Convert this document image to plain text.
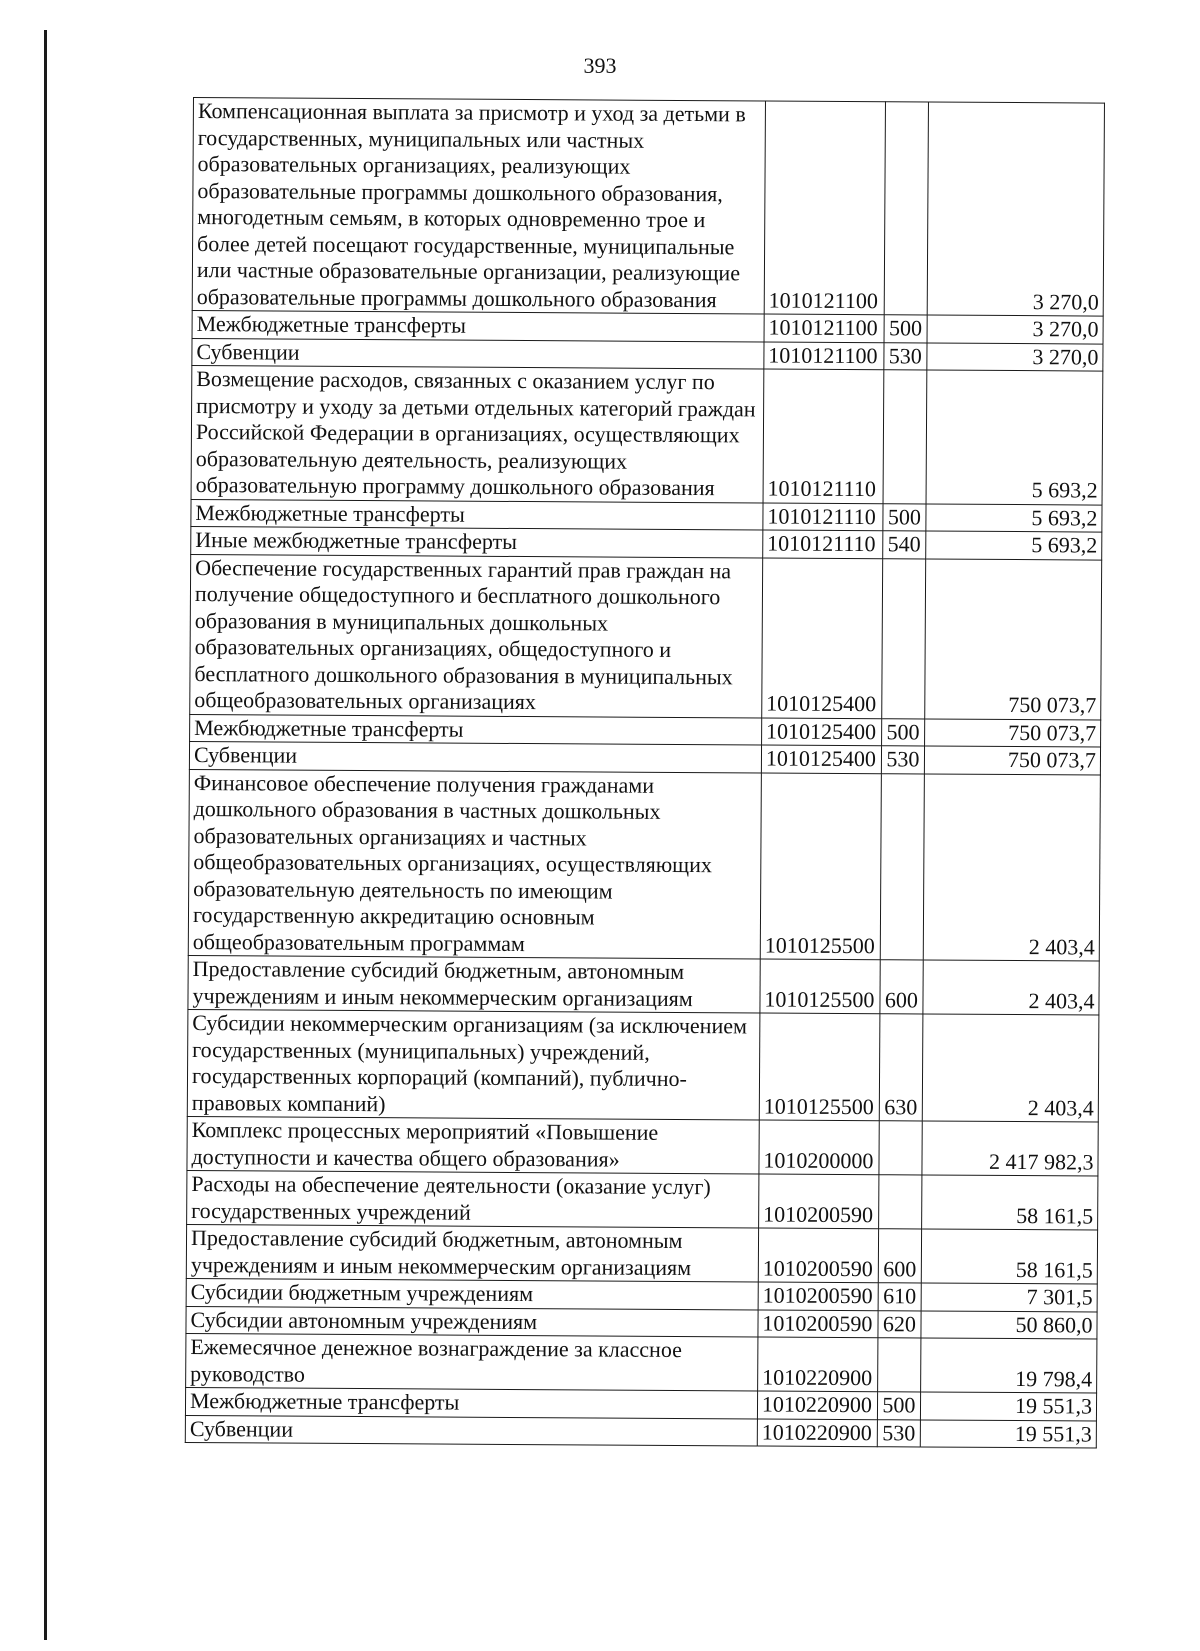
393
Компенсационная выплата за присмотр и уход за детьми в государственных, муниципальных или частных образовательных организациях, реализующих образовательные программы дошкольного образования, многодетным семьям, в которых одновременно трое и более детей посещают государственные, муниципальные или частные образовательные организации, реализующие образовательные программы дошкольного образования	1010121100		3 270,0
Межбюджетные трансферты	1010121100	500	3 270,0
Субвенции	1010121100	530	3 270,0
Возмещение расходов, связанных с оказанием услуг по присмотру и уходу за детьми отдельных категорий граждан Российской Федерации в организациях, осуществляющих образовательную деятельность, реализующих образовательную программу дошкольного образования	1010121110		5 693,2
Межбюджетные трансферты	1010121110	500	5 693,2
Иные межбюджетные трансферты	1010121110	540	5 693,2
Обеспечение государственных гарантий прав граждан на получение общедоступного и бесплатного дошкольного образования в муниципальных дошкольных образовательных организациях, общедоступного и бесплатного дошкольного образования в муниципальных общеобразовательных организациях	1010125400		750 073,7
Межбюджетные трансферты	1010125400	500	750 073,7
Субвенции	1010125400	530	750 073,7
Финансовое обеспечение получения гражданами дошкольного образования в частных дошкольных образовательных организациях и частных общеобразовательных организациях, осуществляющих образовательную деятельность по имеющим государственную аккредитацию основным общеобразовательным программам	1010125500		2 403,4
Предоставление субсидий бюджетным, автономным учреждениям и иным некоммерческим организациям	1010125500	600	2 403,4
Субсидии некоммерческим организациям (за исключением государственных (муниципальных) учреждений, государственных корпораций (компаний), публично-правовых компаний)	1010125500	630	2 403,4
Комплекс процессных мероприятий «Повышение доступности и качества общего образования»	1010200000		2 417 982,3
Расходы на обеспечение деятельности (оказание услуг) государственных учреждений	1010200590		58 161,5
Предоставление субсидий бюджетным, автономным учреждениям и иным некоммерческим организациям	1010200590	600	58 161,5
Субсидии бюджетным учреждениям	1010200590	610	7 301,5
Субсидии автономным учреждениям	1010200590	620	50 860,0
Ежемесячное денежное вознаграждение за классное руководство	1010220900		19 798,4
Межбюджетные трансферты	1010220900	500	19 551,3
Субвенции	1010220900	530	19 551,3
